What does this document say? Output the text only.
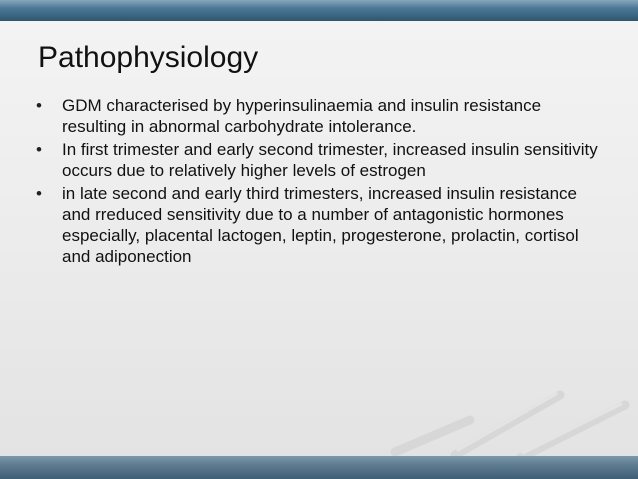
Pathophysiology
• GDM characterised by hyperinsulinaemia and insulin resistance resulting in abnormal carbohydrate intolerance.
• In first trimester and early second trimester, increased insulin sensitivity occurs due to relatively higher levels of estrogen
• in late second and early third trimesters, increased insulin resistance and rreduced sensitivity due to a number of antagonistic hormones especially, placental lactogen, leptin, progesterone, prolactin, cortisol and adiponection
